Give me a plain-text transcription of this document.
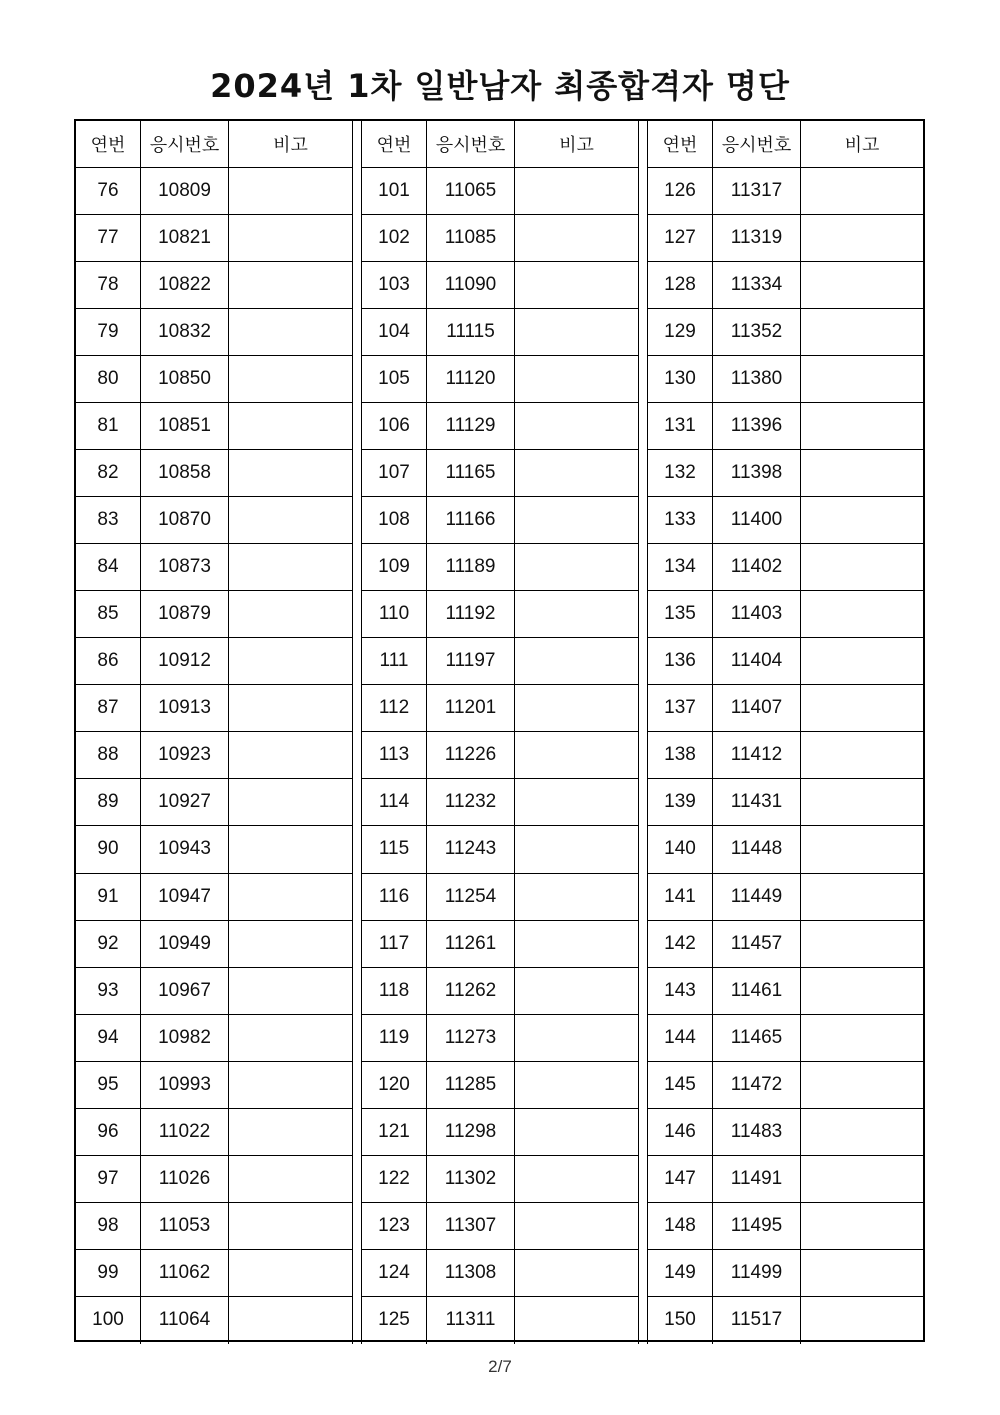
2024년 1차 일반남자 최종합격자 명단
연번	응시번호	비고
76	10809
77	10821
78	10822
79	10832
80	10850
81	10851
82	10858
83	10870
84	10873
85	10879
86	10912
87	10913
88	10923
89	10927
90	10943
91	10947
92	10949
93	10967
94	10982
95	10993
96	11022
97	11026
98	11053
99	11062
100	11064
연번	응시번호	비고
101	11065
102	11085
103	11090
104	11115
105	11120
106	11129
107	11165
108	11166
109	11189
110	11192
111	11197
112	11201
113	11226
114	11232
115	11243
116	11254
117	11261
118	11262
119	11273
120	11285
121	11298
122	11302
123	11307
124	11308
125	11311
연번	응시번호	비고
126	11317
127	11319
128	11334
129	11352
130	11380
131	11396
132	11398
133	11400
134	11402
135	11403
136	11404
137	11407
138	11412
139	11431
140	11448
141	11449
142	11457
143	11461
144	11465
145	11472
146	11483
147	11491
148	11495
149	11499
150	11517
2/7
